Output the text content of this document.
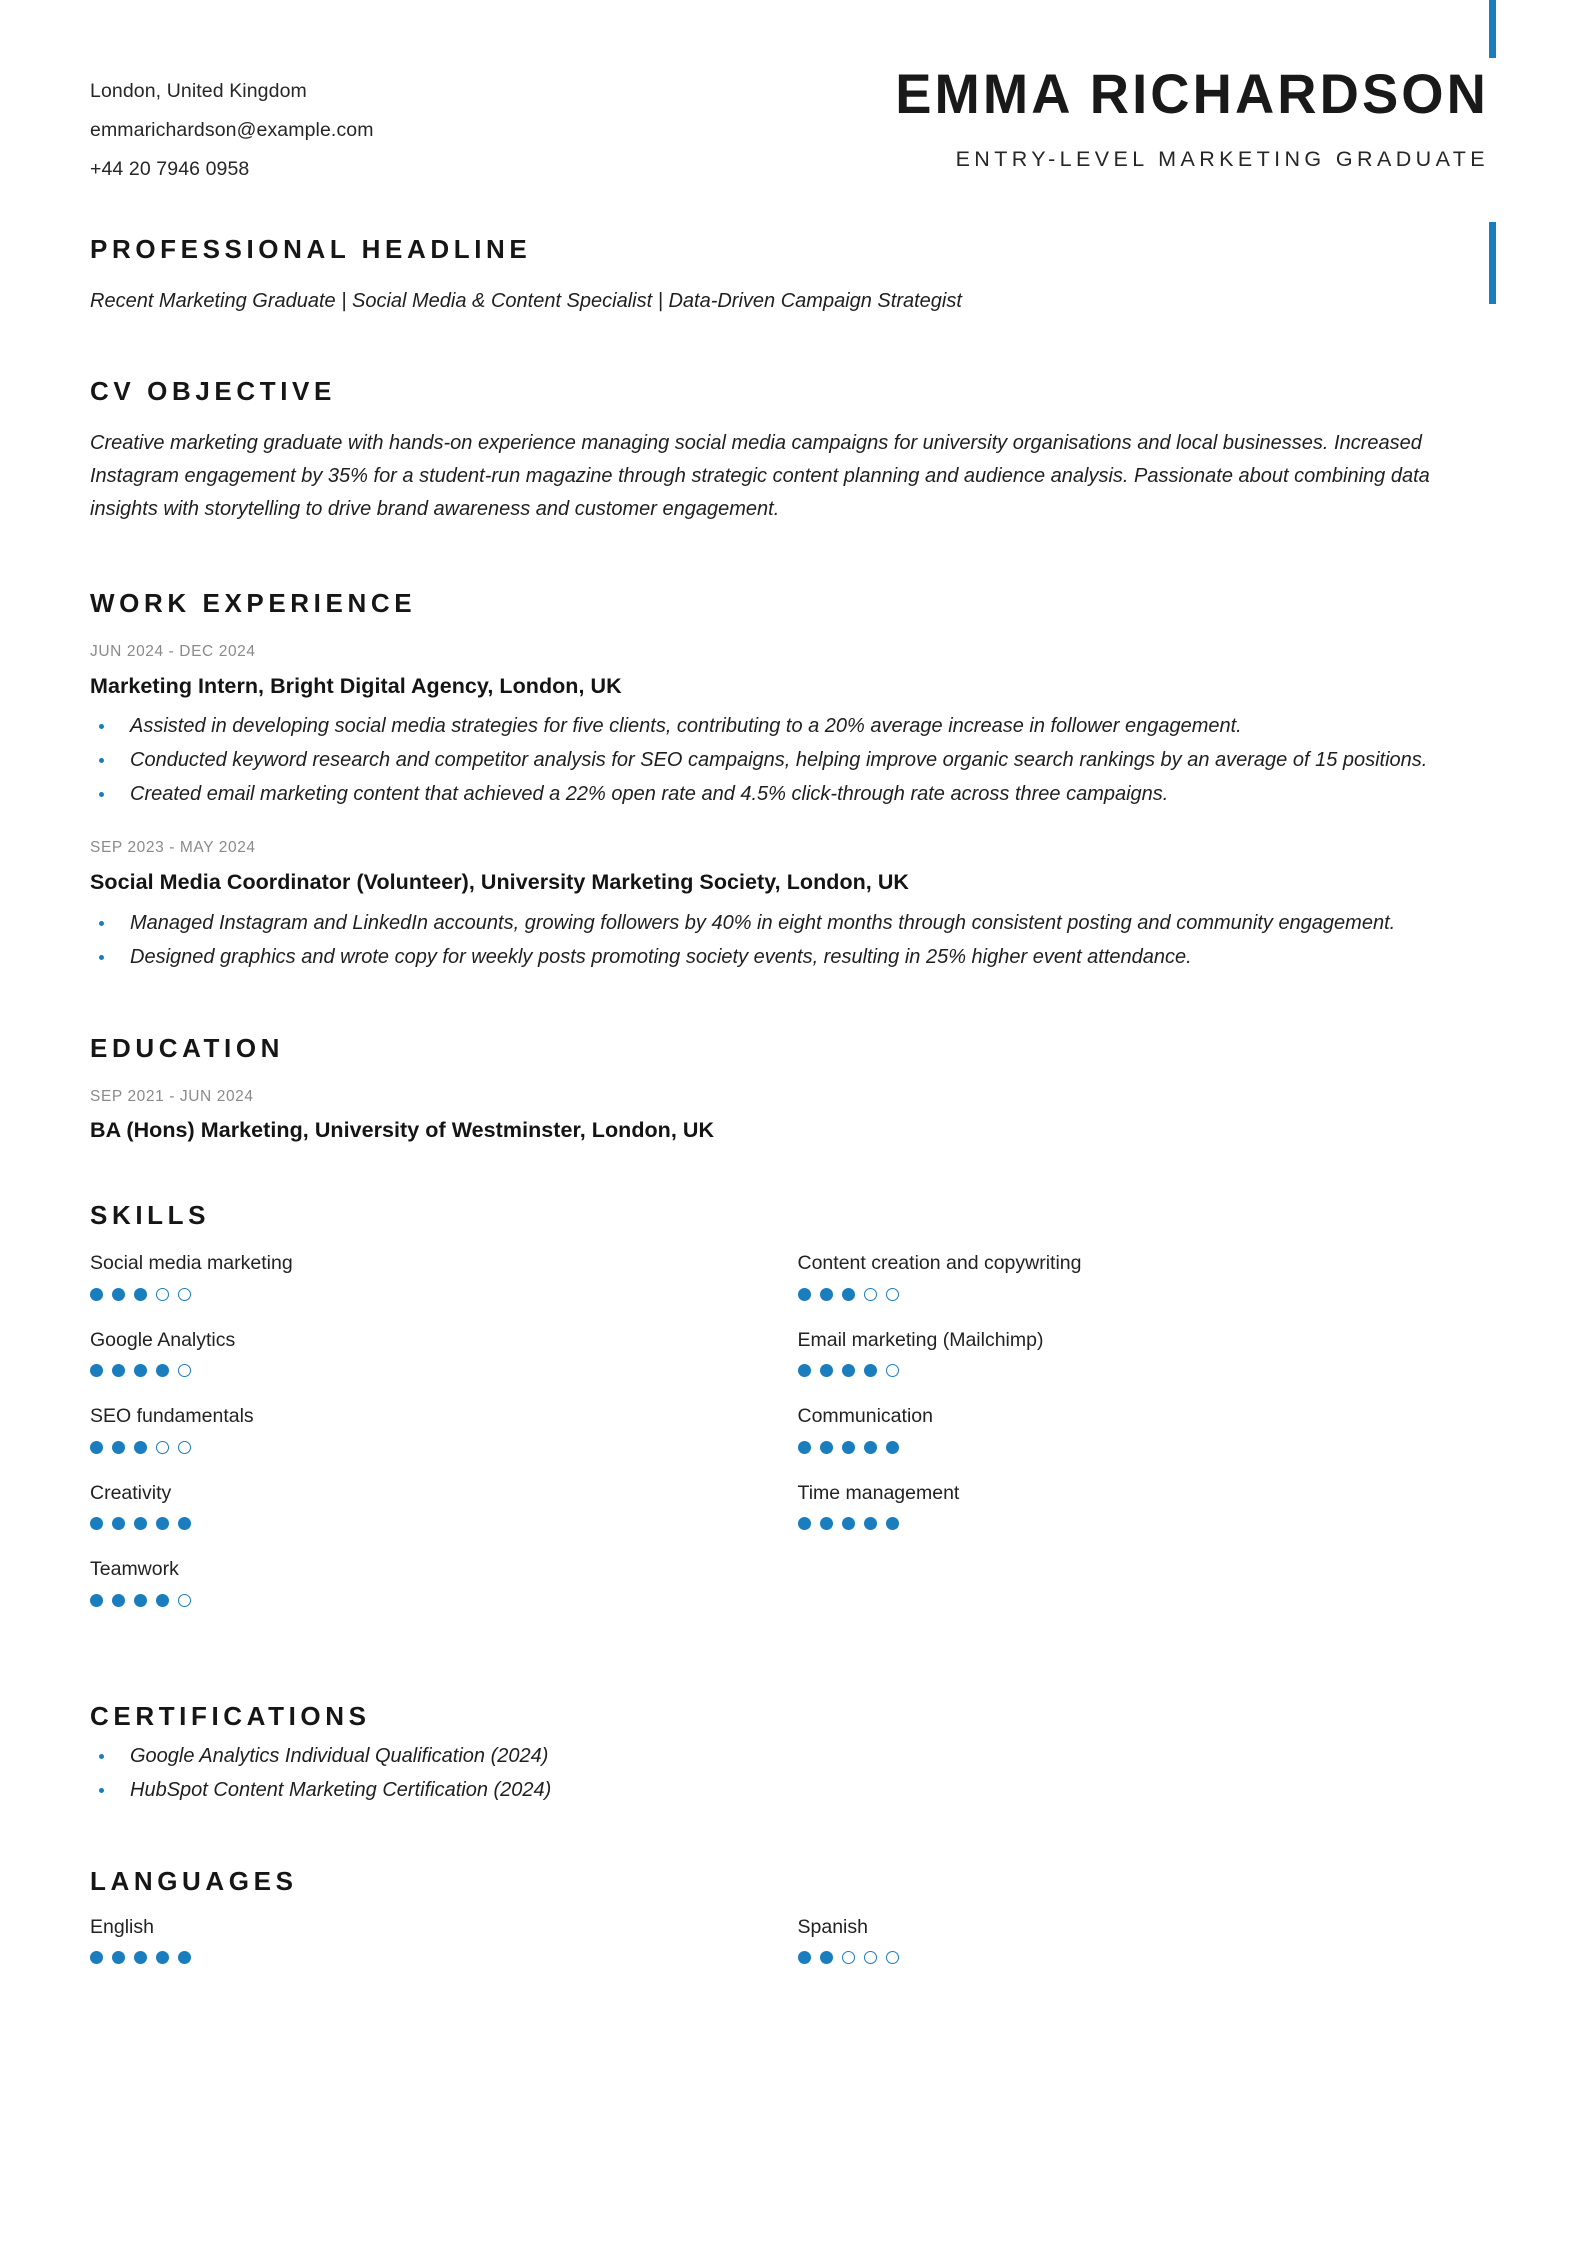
London, United Kingdom
emmarichardson@example.com
+44 20 7946 0958
EMMA RICHARDSON
ENTRY-LEVEL MARKETING GRADUATE
PROFESSIONAL HEADLINE
Recent Marketing Graduate | Social Media & Content Specialist | Data-Driven Campaign Strategist
CV OBJECTIVE
Creative marketing graduate with hands-on experience managing social media campaigns for university organisations and local businesses. Increased Instagram engagement by 35% for a student-run magazine through strategic content planning and audience analysis. Passionate about combining data insights with storytelling to drive brand awareness and customer engagement.
WORK EXPERIENCE
JUN 2024 - DEC 2024
Marketing Intern, Bright Digital Agency, London, UK
Assisted in developing social media strategies for five clients, contributing to a 20% average increase in follower engagement.
Conducted keyword research and competitor analysis for SEO campaigns, helping improve organic search rankings by an average of 15 positions.
Created email marketing content that achieved a 22% open rate and 4.5% click-through rate across three campaigns.
SEP 2023 - MAY 2024
Social Media Coordinator (Volunteer), University Marketing Society, London, UK
Managed Instagram and LinkedIn accounts, growing followers by 40% in eight months through consistent posting and community engagement.
Designed graphics and wrote copy for weekly posts promoting society events, resulting in 25% higher event attendance.
EDUCATION
SEP 2021 - JUN 2024
BA (Hons) Marketing, University of Westminster, London, UK
SKILLS
Social media marketing	Content creation and copywriting
Google Analytics	Email marketing (Mailchimp)
SEO fundamentals	Communication
Creativity	Time management
Teamwork
CERTIFICATIONS
Google Analytics Individual Qualification (2024)
HubSpot Content Marketing Certification (2024)
LANGUAGES
English	Spanish
